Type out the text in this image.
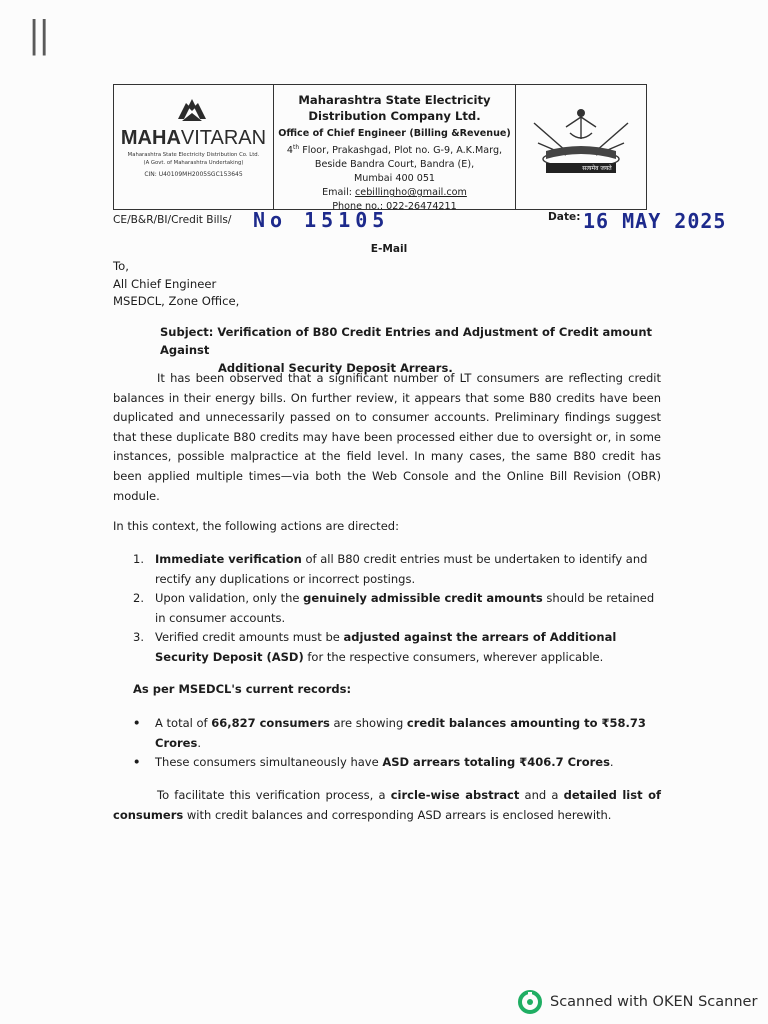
||
MAHAVITARAN
Maharashtra State Electricity Distribution Co. Ltd.
(A Govt. of Maharashtra Undertaking)
CIN: U40109MH2005SGC153645
Maharashtra State Electricity
Distribution Company Ltd.
Office of Chief Engineer (Billing &Revenue)
4th Floor, Prakashgad, Plot no. G-9, A.K.Marg,
Beside Bandra Court, Bandra (E),
Mumbai 400 051
Email: cebillingho@gmail.com
Phone no.: 022-26474211
सत्यमेव जयते
CE/B&R/BI/Credit Bills/ No 15105	Date: 16 MAY 2025
E-Mail
To,
All Chief Engineer
MSEDCL, Zone Office,
Subject: Verification of B80 Credit Entries and Adjustment of Credit amount Against
Additional Security Deposit Arrears.
It has been observed that a significant number of LT consumers are reflecting credit balances in their energy bills. On further review, it appears that some B80 credits have been duplicated and unnecessarily passed on to consumer accounts. Preliminary findings suggest that these duplicate B80 credits may have been processed either due to oversight or, in some instances, possible malpractice at the field level. In many cases, the same B80 credit has been applied multiple times—via both the Web Console and the Online Bill Revision (OBR) module.
In this context, the following actions are directed:
1. Immediate verification of all B80 credit entries must be undertaken to identify and rectify any duplications or incorrect postings.
2. Upon validation, only the genuinely admissible credit amounts should be retained in consumer accounts.
3. Verified credit amounts must be adjusted against the arrears of Additional Security Deposit (ASD) for the respective consumers, wherever applicable.
As per MSEDCL's current records:
•	A total of 66,827 consumers are showing credit balances amounting to ₹58.73 Crores.
•	These consumers simultaneously have ASD arrears totaling ₹406.7 Crores.
To facilitate this verification process, a circle-wise abstract and a detailed list of consumers with credit balances and corresponding ASD arrears is enclosed herewith.
Scanned with OKEN Scanner
